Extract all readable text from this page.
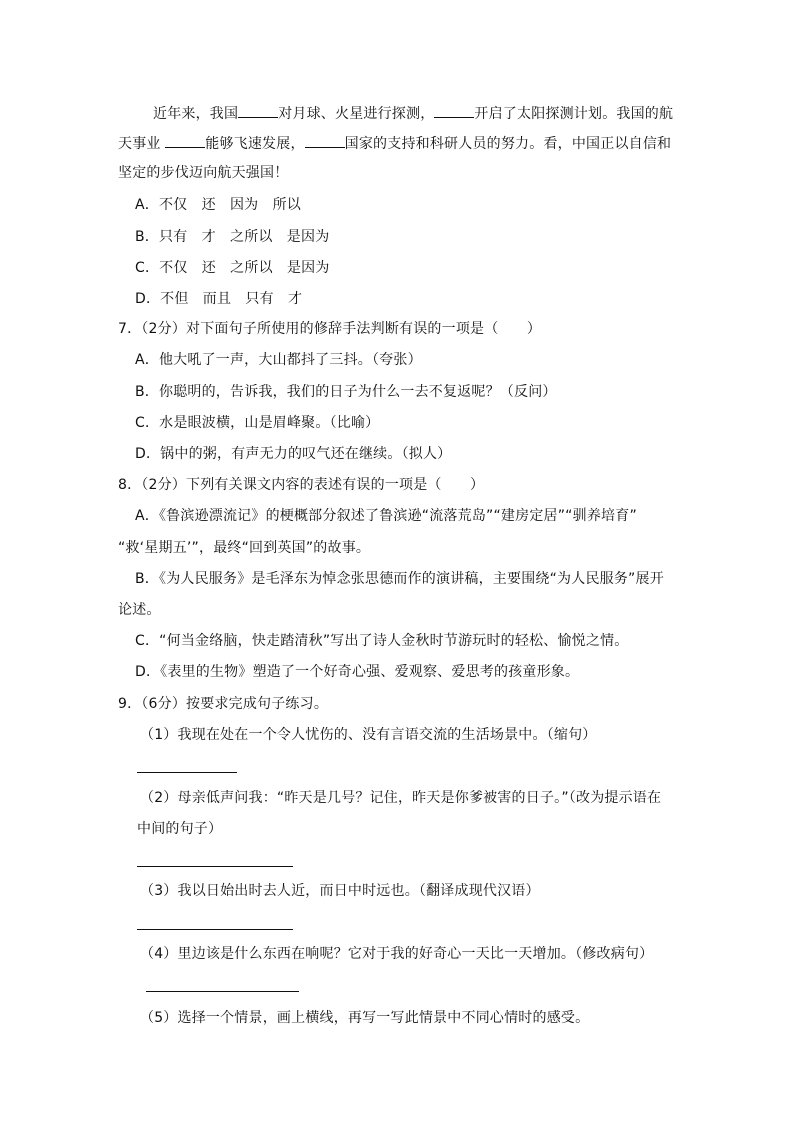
近年来，我国	对月球、火星进行探测，	开启了太阳探测计划。我国的航
天事业	能够飞速发展，	国家的支持和科研人员的努力。看，中国正以自信和
坚定的步伐迈向航天强国！
A．不仅　还　因为　所以
B．只有　才　之所以　是因为
C．不仅　还　之所以　是因为
D．不但　而且　只有　才
7．（2分）对下面句子所使用的修辞手法判断有误的一项是（　　）
A．他大吼了一声，大山都抖了三抖。（夸张）
B．你聪明的，告诉我，我们的日子为什么一去不复返呢？（反问）
C．水是眼波横，山是眉峰聚。（比喻）
D．锅中的粥，有声无力的叹气还在继续。（拟人）
8．（2分）下列有关课文内容的表述有误的一项是（　　）
A．《鲁滨逊漂流记》的梗概部分叙述了鲁滨逊“流落荒岛”“建房定居”“驯养培育”
“救‘星期五’”，最终“回到英国”的故事。
B．《为人民服务》是毛泽东为悼念张思德而作的演讲稿，主要围绕“为人民服务”展开
论述。
C．“何当金络脑，快走踏清秋”写出了诗人金秋时节游玩时的轻松、愉悦之情。
D．《表里的生物》塑造了一个好奇心强、爱观察、爱思考的孩童形象。
9．（6分）按要求完成句子练习。
（1）我现在处在一个令人忧伤的、没有言语交流的生活场景中。（缩句）
（2）母亲低声问我：“昨天是几号？记住，昨天是你爹被害的日子。”（改为提示语在
中间的句子）
（3）我以日始出时去人近，而日中时远也。（翻译成现代汉语）
（4）里边该是什么东西在响呢？它对于我的好奇心一天比一天增加。（修改病句）
（5）选择一个情景，画上横线，再写一写此情景中不同心情时的感受。
